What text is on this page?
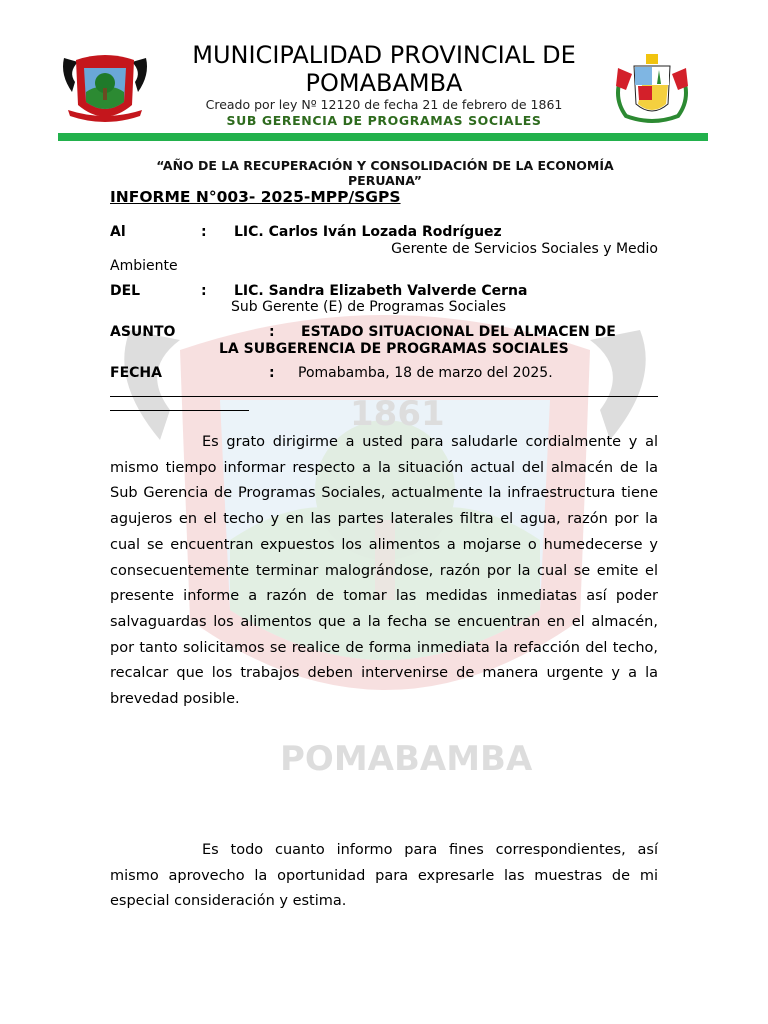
1861
POMABAMBA
MUNICIPALIDAD PROVINCIAL DE POMABAMBA
Creado por ley Nº 12120 de fecha 21 de febrero de 1861
SUB GERENCIA DE PROGRAMAS SOCIALES
“AÑO DE LA RECUPERACIÓN Y CONSOLIDACIÓN DE LA ECONOMÍA PERUANA”
INFORME N°003- 2025-MPP/SGPS
Al	: LIC. Carlos Iván Lozada Rodríguez
Gerente de Servicios Sociales y Medio
Ambiente
DEL	: LIC. Sandra Elizabeth Valverde Cerna
Sub Gerente (E) de Programas Sociales
ASUNTO	: ESTADO SITUACIONAL DEL ALMACEN DE
LA SUBGERENCIA DE PROGRAMAS SOCIALES
FECHA	: Pomabamba, 18 de marzo del 2025.

Es grato dirigirme a usted para saludarle cordialmente y al mismo tiempo informar respecto a la situación actual del almacén de la Sub Gerencia de Programas Sociales, actualmente la infraestructura tiene agujeros en el techo y en las partes laterales filtra el agua, razón por la cual se encuentran expuestos los alimentos a mojarse o humedecerse y consecuentemente terminar malográndose, razón por la cual se emite el presente informe a razón de tomar las medidas inmediatas así poder salvaguardas los alimentos que a la fecha se encuentran en el almacén, por tanto solicitamos se realice de forma inmediata la refacción del techo, recalcar que los trabajos deben intervenirse de manera urgente y a la brevedad posible.

Es todo cuanto informo para fines correspondientes, así mismo aprovecho la oportunidad para expresarle las muestras de mi especial consideración y estima.
